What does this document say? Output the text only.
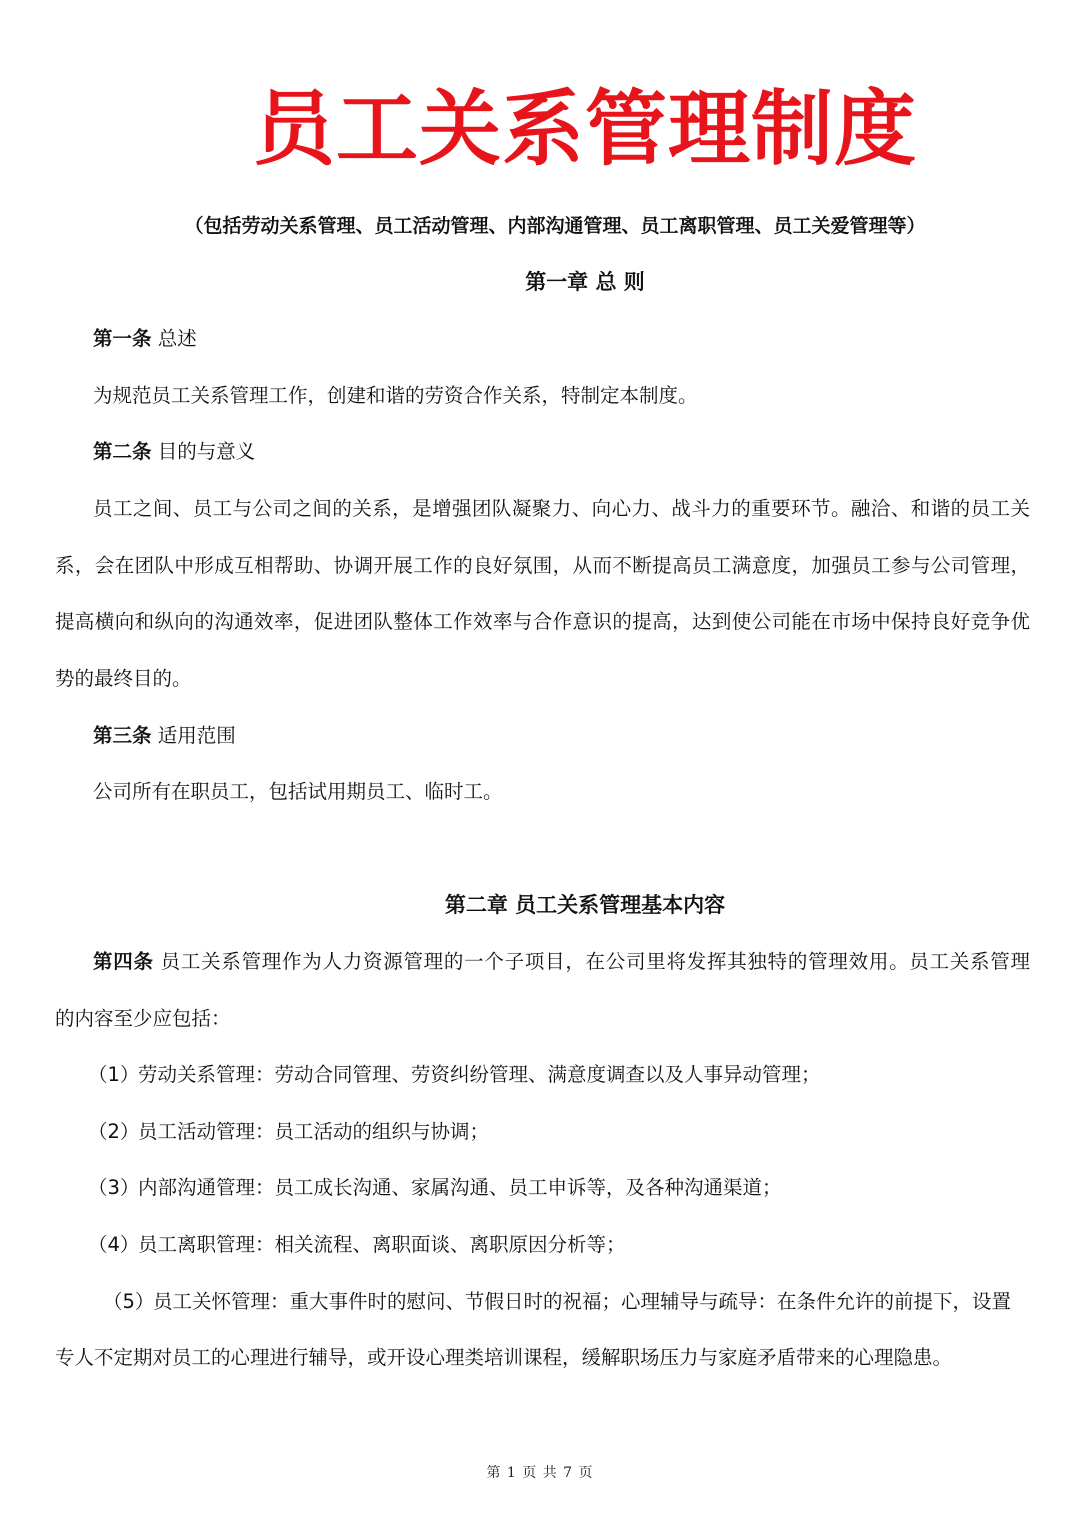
员工关系管理制度
（包括劳动关系管理、员工活动管理、内部沟通管理、员工离职管理、员工关爱管理等）
第一章 总 则
第一条 总述
为规范员工关系管理工作，创建和谐的劳资合作关系，特制定本制度。
第二条 目的与意义
员工之间、员工与公司之间的关系，是增强团队凝聚力、向心力、战斗力的重要环节。融洽、和谐的员工关
系，会在团队中形成互相帮助、协调开展工作的良好氛围，从而不断提高员工满意度，加强员工参与公司管理，
提高横向和纵向的沟通效率，促进团队整体工作效率与合作意识的提高，达到使公司能在市场中保持良好竞争优
势的最终目的。
第三条 适用范围
公司所有在职员工，包括试用期员工、临时工。
第二章 员工关系管理基本内容
第四条 员工关系管理作为人力资源管理的一个子项目，在公司里将发挥其独特的管理效用。员工关系管理
的内容至少应包括：
（1）劳动关系管理：劳动合同管理、劳资纠纷管理、满意度调查以及人事异动管理；
（2）员工活动管理：员工活动的组织与协调；
（3）内部沟通管理：员工成长沟通、家属沟通、员工申诉等，及各种沟通渠道；
（4）员工离职管理：相关流程、离职面谈、离职原因分析等；
（5）员工关怀管理：重大事件时的慰问、节假日时的祝福；心理辅导与疏导：在条件允许的前提下，设置
专人不定期对员工的心理进行辅导，或开设心理类培训课程，缓解职场压力与家庭矛盾带来的心理隐患。
第 1 页 共 7 页
